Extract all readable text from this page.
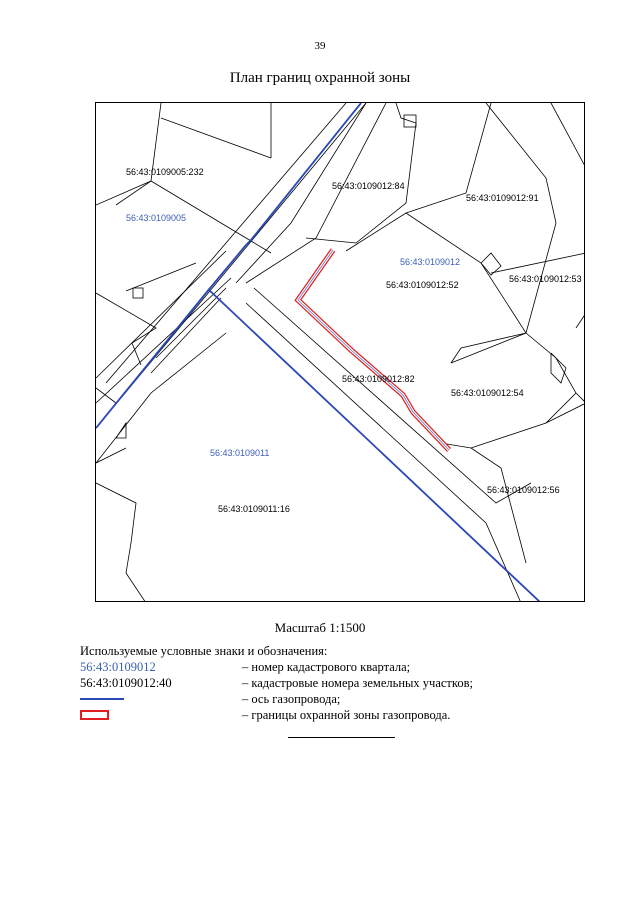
39
План границ охранной зоны
56:43:0109005:232
56:43:0109005
56:43:0109012:84
56:43:0109012:91
56:43:0109012
56:43:0109012:52
56:43:0109012:53
56:43:0109012:82
56:43:0109012:54
56:43:0109011
56:43:0109012:56
56:43:0109011:16
Масштаб 1:1500
Используемые условные знаки и обозначения:
56:43:0109012	– номер кадастрового квартала;
56:43:0109012:40	– кадастровые номера земельных участков;
– ось газопровода;
– границы охранной зоны газопровода.
